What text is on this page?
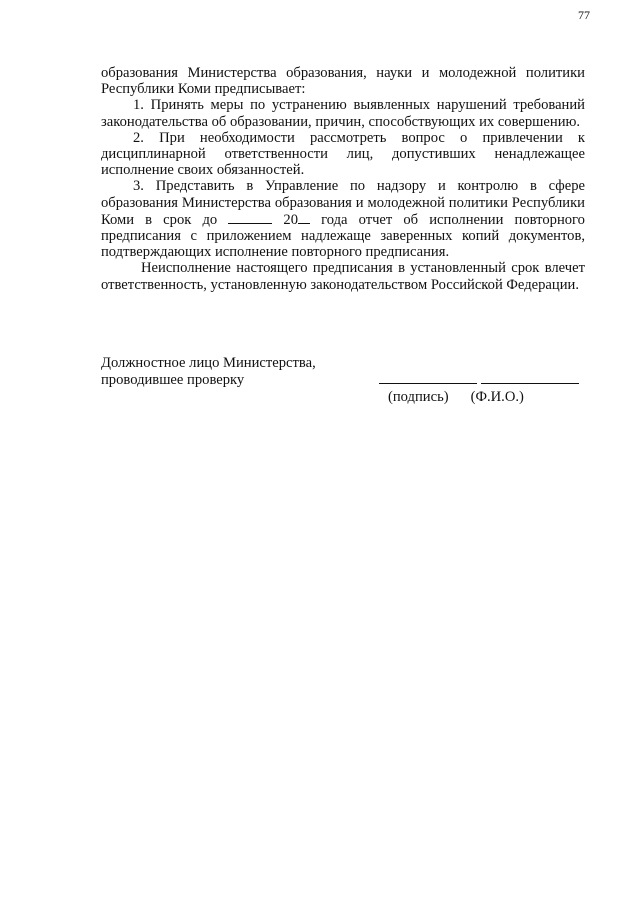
77

образования Министерства образования, науки и молодежной политики Республики Коми предписывает:

1. Принять меры по устранению выявленных нарушений требований законодательства об образовании, причин, способствующих их совершению.

2. При необходимости рассмотреть вопрос о привлечении к дисциплинарной ответственности лиц, допустивших ненадлежащее исполнение своих обязанностей.

3. Представить в Управление по надзору и контролю в сфере образования Министерства образования и молодежной политики Республики Коми в срок до	20 года отчет об исполнении повторного предписания с приложением надлежаще заверенных копий документов, подтверждающих исполнение повторного предписания.

Неисполнение настоящего предписания в установленный срок влечет ответственность, установленную законодательством Российской Федерации.

Должностное лицо Министерства,
проводившее проверку
(подпись) (Ф.И.О.)
